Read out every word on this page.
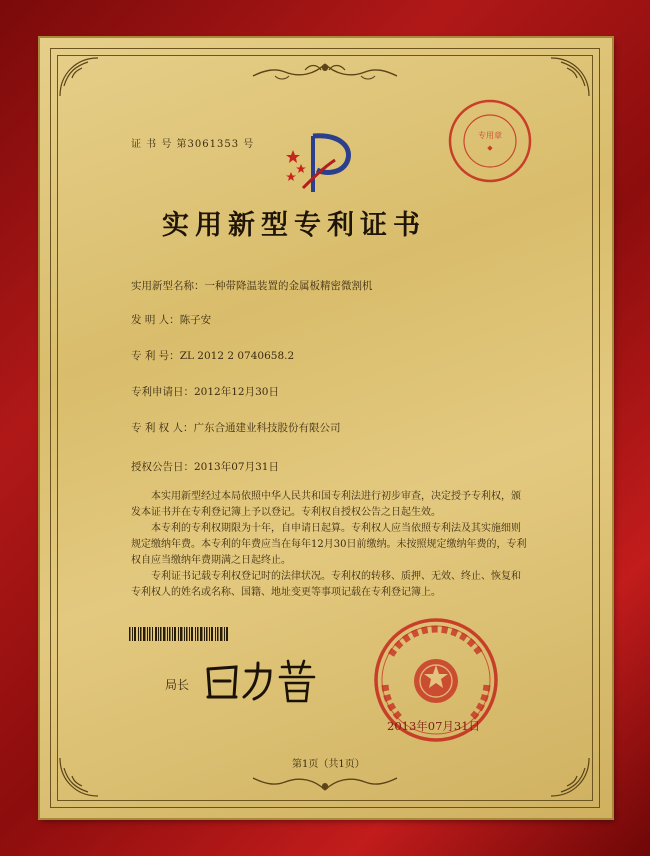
专用章
◆
证 书 号 第3061353 号
实用新型专利证书
实用新型名称：一种带降温装置的金属板精密微割机
发 明 人：陈子安
专 利 号：ZL 2012 2 0740658.2
专利申请日：2012年12月30日
专 利 权 人：广东合通建业科技股份有限公司
授权公告日：2013年07月31日

本实用新型经过本局依照中华人民共和国专利法进行初步审查，决定授予专利权，颁发本证书并在专利登记簿上予以登记。专利权自授权公告之日起生效。

本专利的专利权期限为十年，自申请日起算。专利权人应当依照专利法及其实施细则规定缴纳年费。本专利的年费应当在每年12月30日前缴纳。未按照规定缴纳年费的，专利权自应当缴纳年费期满之日起终止。

专利证书记载专利权登记时的法律状况。专利权的转移、质押、无效、终止、恢复和专利权人的姓名或名称、国籍、地址变更等事项记载在专利登记簿上。

局长
2013年07月31日
第1页（共1页）
